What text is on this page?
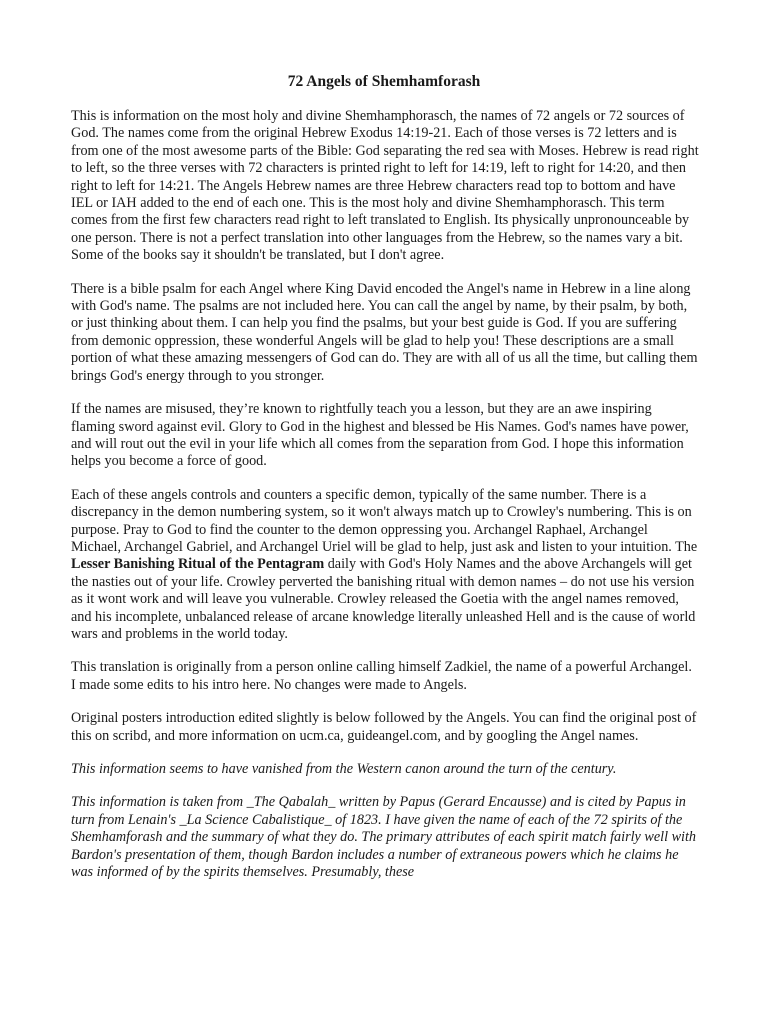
72 Angels of Shemhamforash

This is information on the most holy and divine Shemhamphorasch, the names of 72 angels or 72 sources of God. The names come from the original Hebrew Exodus 14:19-21. Each of those verses is 72 letters and is from one of the most awesome parts of the Bible: God separating the red sea with Moses. Hebrew is read right to left, so the three verses with 72 characters is printed right to left for 14:19, left to right for 14:20, and then right to left for 14:21. The Angels Hebrew names are three Hebrew characters read top to bottom and have IEL or IAH added to the end of each one. This is the most holy and divine Shemhamphorasch. This term comes from the first few characters read right to left translated to English. Its physically unpronounceable by one person. There is not a perfect translation into other languages from the Hebrew, so the names vary a bit. Some of the books say it shouldn't be translated, but I don't agree.

There is a bible psalm for each Angel where King David encoded the Angel's name in Hebrew in a line along with God's name. The psalms are not included here. You can call the angel by name, by their psalm, by both, or just thinking about them. I can help you find the psalms, but your best guide is God. If you are suffering from demonic oppression, these wonderful Angels will be glad to help you! These descriptions are a small portion of what these amazing messengers of God can do. They are with all of us all the time, but calling them brings God's energy through to you stronger.

If the names are misused, they’re known to rightfully teach you a lesson, but they are an awe inspiring flaming sword against evil. Glory to God in the highest and blessed be His Names. God's names have power, and will rout out the evil in your life which all comes from the separation from God. I hope this information helps you become a force of good.

Each of these angels controls and counters a specific demon, typically of the same number. There is a discrepancy in the demon numbering system, so it won't always match up to Crowley's numbering. This is on purpose. Pray to God to find the counter to the demon oppressing you. Archangel Raphael, Archangel Michael, Archangel Gabriel, and Archangel Uriel will be glad to help, just ask and listen to your intuition. The Lesser Banishing Ritual of the Pentagram daily with God's Holy Names and the above Archangels will get the nasties out of your life. Crowley perverted the banishing ritual with demon names – do not use his version as it wont work and will leave you vulnerable. Crowley released the Goetia with the angel names removed, and his incomplete, unbalanced release of arcane knowledge literally unleashed Hell and is the cause of world wars and problems in the world today.

This translation is originally from a person online calling himself Zadkiel, the name of a powerful Archangel. I made some edits to his intro here. No changes were made to Angels.

Original posters introduction edited slightly is below followed by the Angels. You can find the original post of this on scribd, and more information on ucm.ca, guideangel.com, and by googling the Angel names.

This information seems to have vanished from the Western canon around the turn of the century.

This information is taken from _The Qabalah_ written by Papus (Gerard Encausse) and is cited by Papus in turn from Lenain's _La Science Cabalistique_ of 1823. I have given the name of each of the 72 spirits of the Shemhamforash and the summary of what they do. The primary attributes of each spirit match fairly well with Bardon's presentation of them, though Bardon includes a number of extraneous powers which he claims he was informed of by the spirits themselves. Presumably, these
